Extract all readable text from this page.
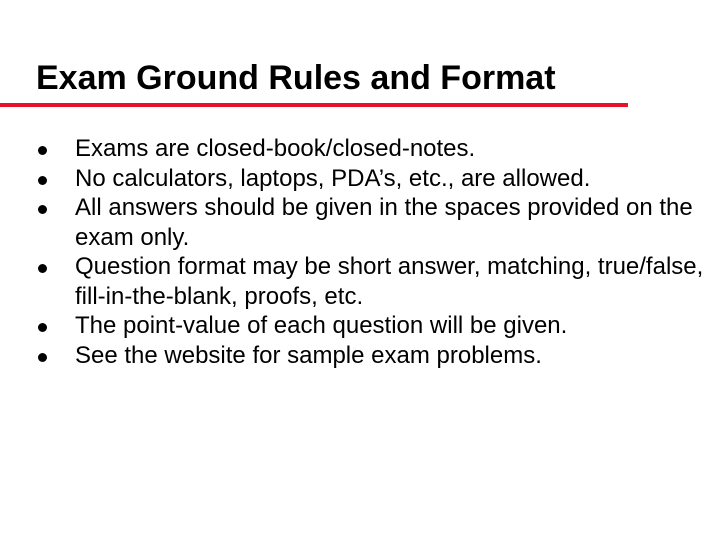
Exam Ground Rules and Format
Exams are closed-book/closed-notes.
No calculators, laptops, PDA’s, etc., are allowed.
All answers should be given in the spaces provided on the exam only.
Question format may be short answer, matching, true/false, fill-in-the-blank, proofs, etc.
The point-value of each question will be given.
See the website for sample exam problems.
